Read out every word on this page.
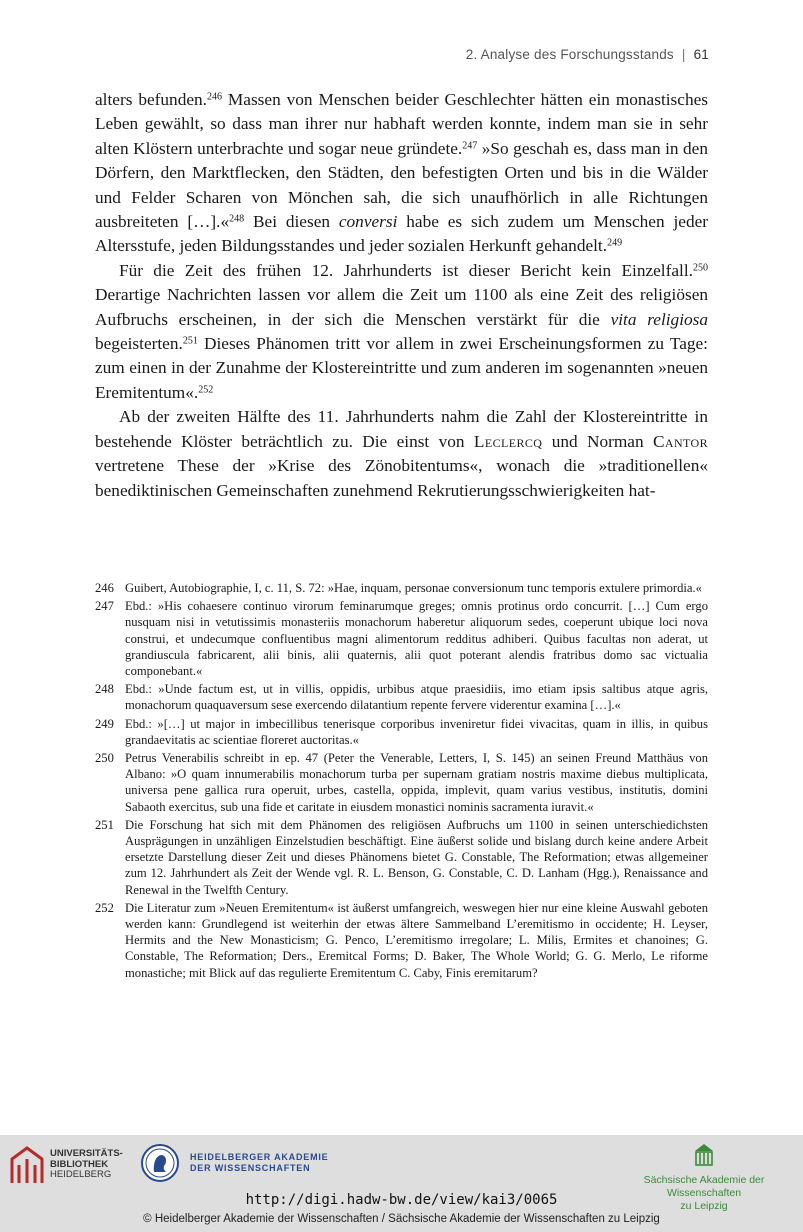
2. Analyse des Forschungsstands | 61

alters befunden.$^{246}$ Massen von Menschen beider Geschlechter hätten ein monastisches Leben gewählt, so dass man ihrer nur habhaft werden konnte, indem man sie in sehr alten Klöstern unterbrachte und sogar neue gründete.$^{247}$ »So geschah es, dass man in den Dörfern, den Marktflecken, den Städten, den befestigten Orten und bis in die Wälder und Felder Scharen von Mönchen sah, die sich unaufhörlich in alle Richtungen ausbreiteten […].«$^{248}$ Bei diesen conversi habe es sich zudem um Menschen jeder Altersstufe, jeden Bildungsstandes und jeder sozialen Herkunft gehandelt.$^{249}$

Für die Zeit des frühen 12. Jahrhunderts ist dieser Bericht kein Einzelfall.$^{250}$ Derartige Nachrichten lassen vor allem die Zeit um 1100 als eine Zeit des religiösen Aufbruchs erscheinen, in der sich die Menschen verstärkt für die vita religiosa begeisterten.$^{251}$ Dieses Phänomen tritt vor allem in zwei Erscheinungsformen zu Tage: zum einen in der Zunahme der Klostereintritte und zum anderen im sogenannten »neuen Eremitentum«.$^{252}$

Ab der zweiten Hälfte des 11. Jahrhunderts nahm die Zahl der Klostereintritte in bestehende Klöster beträchtlich zu. Die einst von Leclercq und Norman Cantor vertretene These der »Krise des Zönobitentums«, wonach die »traditionellen« benediktinischen Gemeinschaften zunehmend Rekrutierungsschwierigkeiten hat-

246 Guibert, Autobiographie, I, c. 11, S. 72: »Hae, inquam, personae conversionum tunc temporis extulere primordia.«
247 Ebd.: »His cohaesere continuo virorum feminarumque greges; omnis protinus ordo concurrit. […] Cum ergo nusquam nisi in vetutissimis monasteriis monachorum haberetur aliquorum sedes, coeperunt ubique loci nova construi, et undecumque confluentibus magni alimentorum redditus adhiberi. Quibus facultas non aderat, ut grandiuscula fabricarent, alii binis, alii quaternis, alii quot poterant alendis fratribus domo sac victualia componebant.«
248 Ebd.: »Unde factum est, ut in villis, oppidis, urbibus atque praesidiis, imo etiam ipsis saltibus atque agris, monachorum quaquaversum sese exercendo dilatantium repente fervere viderentur examina […].«
249 Ebd.: »[…] ut major in imbecillibus tenerisque corporibus inveniretur fidei vivacitas, quam in illis, in quibus grandaevitatis ac scientiae floreret auctoritas.«
250 Petrus Venerabilis schreibt in ep. 47 (Peter the Venerable, Letters, I, S. 145) an seinen Freund Matthäus von Albano: »O quam innumerabilis monachorum turba per supernam gratiam nostris maxime diebus multiplicata, universa pene gallica rura operuit, urbes, castella, oppida, implevit, quam varius vestibus, institutis, domini Sabaoth exercitus, sub una fide et caritate in eiusdem monastici nominis sacramenta iuravit.«
251 Die Forschung hat sich mit dem Phänomen des religiösen Aufbruchs um 1100 in seinen unterschiedichsten Ausprägungen in unzähligen Einzelstudien beschäftigt. Eine äußerst solide und bislang durch keine andere Arbeit ersetzte Darstellung dieser Zeit und dieses Phänomens bietet G. Constable, The Reformation; etwas allgemeiner zum 12. Jahrhundert als Zeit der Wende vgl. R. L. Benson, G. Constable, C. D. Lanham (Hgg.), Renaissance and Renewal in the Twelfth Century.
252 Die Literatur zum »Neuen Eremitentum« ist äußerst umfangreich, weswegen hier nur eine kleine Auswahl geboten werden kann: Grundlegend ist weiterhin der etwas ältere Sammelband L’eremitismo in occidente; H. Leyser, Hermits and the New Monasticism; G. Penco, L’eremitismo irregolare; L. Milis, Ermites et chanoines; G. Constable, The Reformation; Ders., Eremitcal Forms; D. Baker, The Whole World; G. G. Merlo, Le riforme monastiche; mit Blick auf das regulierte Eremitentum C. Caby, Finis eremitarum?
UNIVERSITÄTS-
BIBLIOTHEK
HEIDELBERG
HEIDELBERGER AKADEMIE
DER WISSENSCHAFTEN
Sächsische Akademie der Wissenschaften
zu Leipzig
http://digi.hadw-bw.de/view/kai3/0065
© Heidelberger Akademie der Wissenschaften / Sächsische Akademie der Wissenschaften zu Leipzig
